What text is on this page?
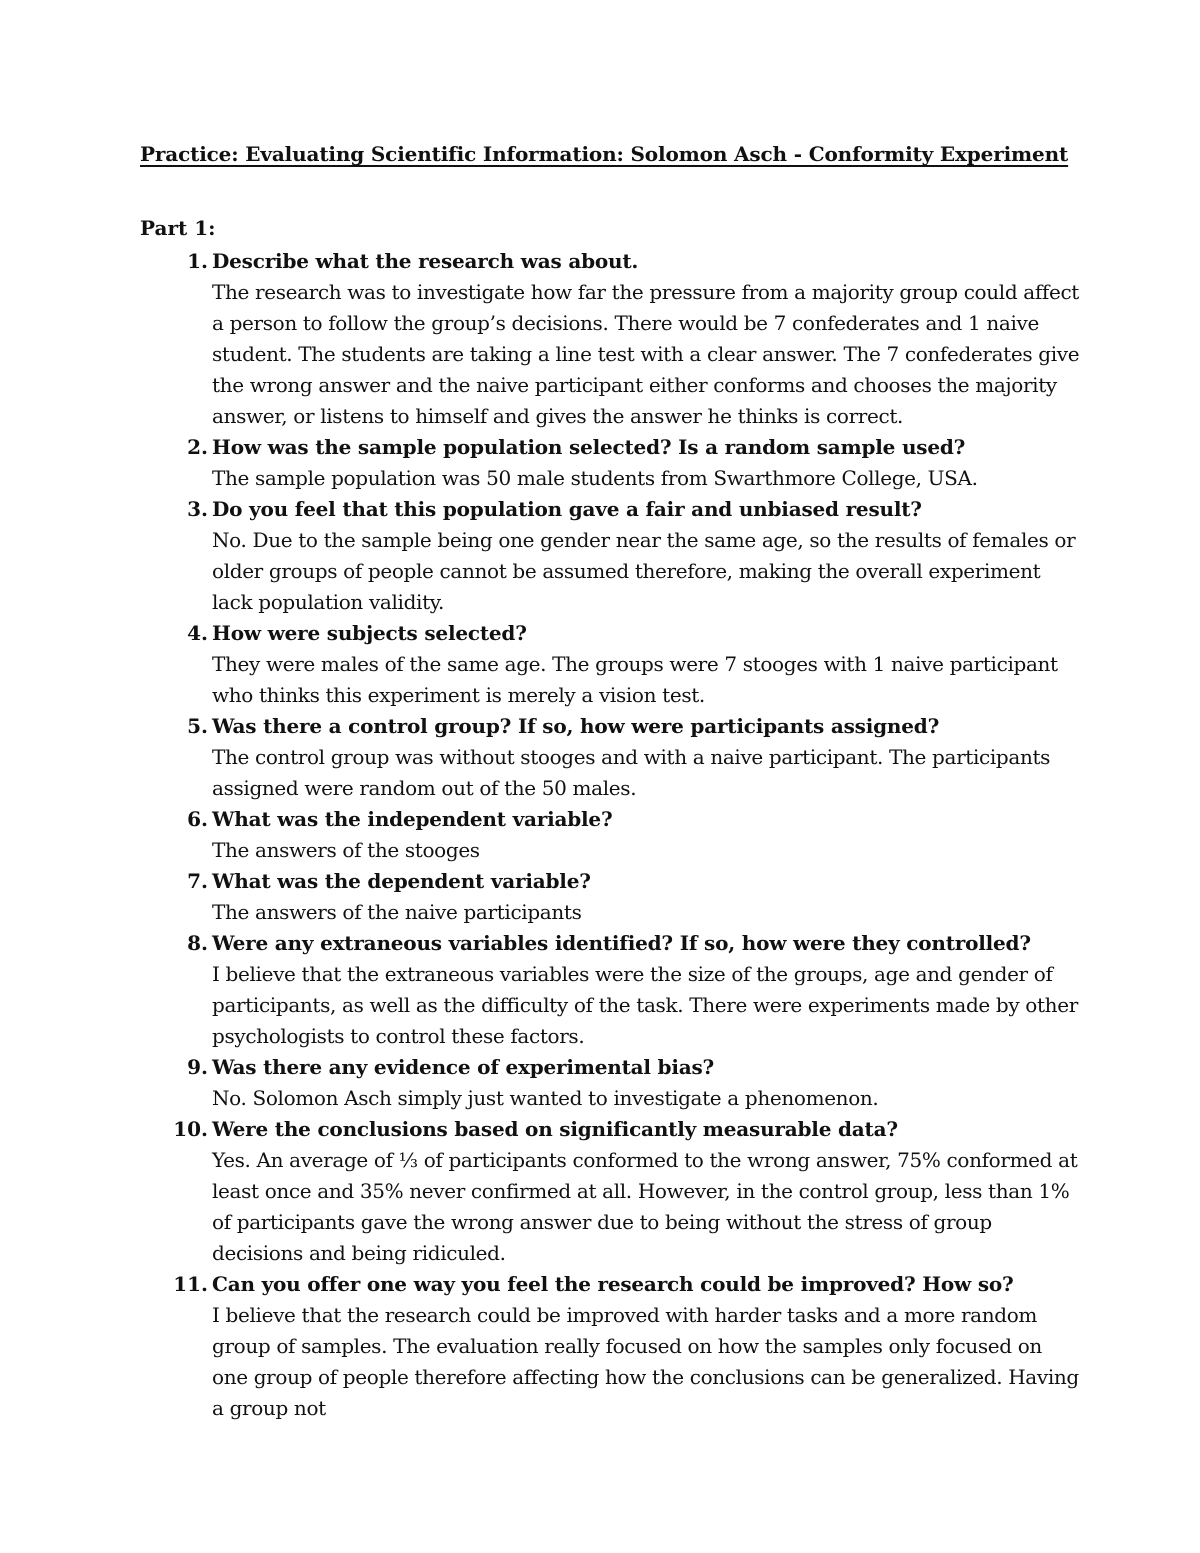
Practice: Evaluating Scientific Information: Solomon Asch - Conformity Experiment
Part 1:
1. Describe what the research was about.
The research was to investigate how far the pressure from a majority group could affect a person to follow the group’s decisions. There would be 7 confederates and 1 naive student. The students are taking a line test with a clear answer. The 7 confederates give the wrong answer and the naive participant either conforms and chooses the majority answer, or listens to himself and gives the answer he thinks is correct.
2. How was the sample population selected? Is a random sample used?
The sample population was 50 male students from Swarthmore College, USA.
3. Do you feel that this population gave a fair and unbiased result?
No. Due to the sample being one gender near the same age, so the results of females or older groups of people cannot be assumed therefore, making the overall experiment lack population validity.
4. How were subjects selected?
They were males of the same age. The groups were 7 stooges with 1 naive participant who thinks this experiment is merely a vision test.
5. Was there a control group? If so, how were participants assigned?
The control group was without stooges and with a naive participant. The participants assigned were random out of the 50 males.
6. What was the independent variable?
The answers of the stooges
7. What was the dependent variable?
The answers of the naive participants
8. Were any extraneous variables identified? If so, how were they controlled?
I believe that the extraneous variables were the size of the groups, age and gender of participants, as well as the difficulty of the task. There were experiments made by other psychologists to control these factors.
9. Was there any evidence of experimental bias?
No. Solomon Asch simply just wanted to investigate a phenomenon.
10. Were the conclusions based on significantly measurable data?
Yes. An average of ⅓ of participants conformed to the wrong answer, 75% conformed at least once and 35% never confirmed at all. However, in the control group, less than 1% of participants gave the wrong answer due to being without the stress of group decisions and being ridiculed.
11. Can you offer one way you feel the research could be improved? How so?
I believe that the research could be improved with harder tasks and a more random group of samples. The evaluation really focused on how the samples only focused on one group of people therefore affecting how the conclusions can be generalized. Having a group not
